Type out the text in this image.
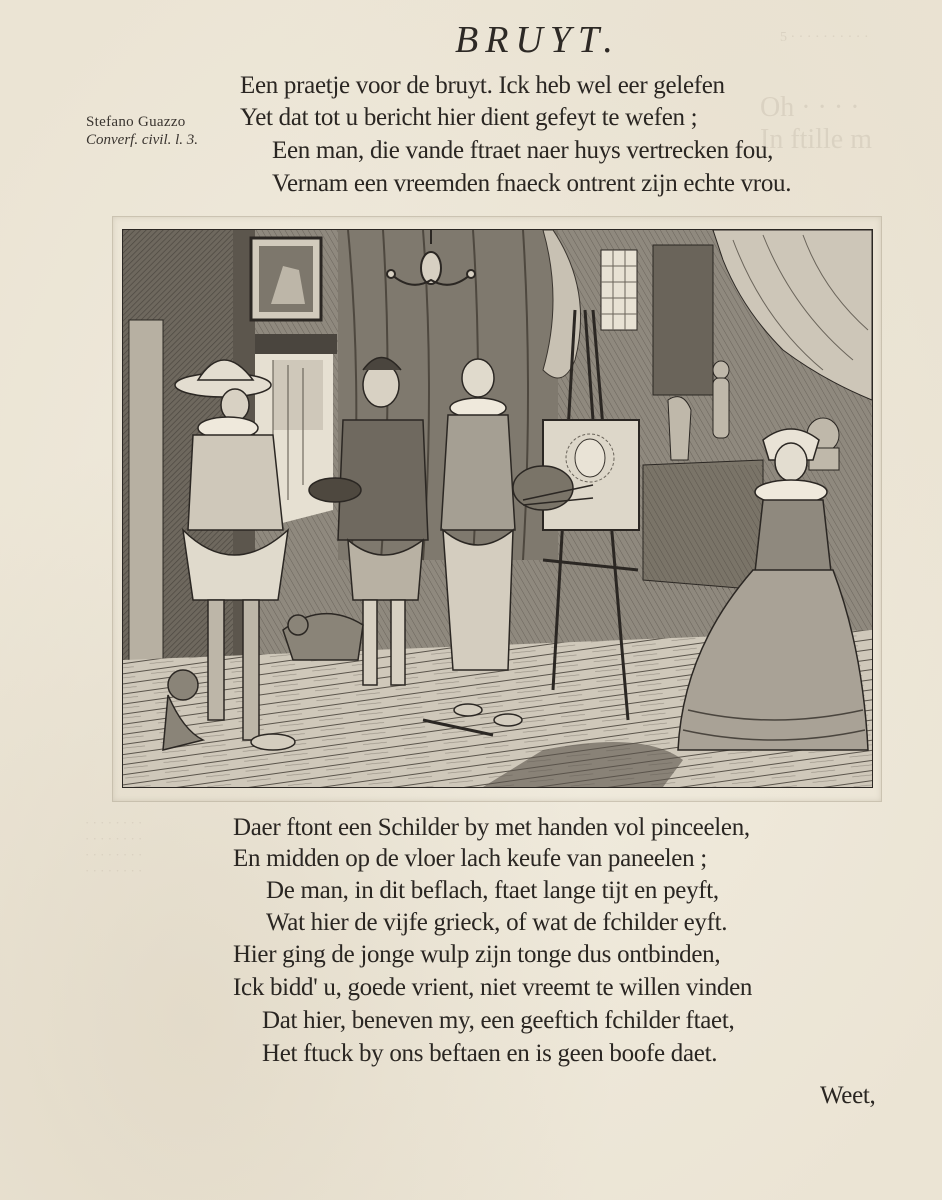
5 · · · · · · · · · ·
Oh · · · ·
In ftille m
· · · · · · · ·
· · · · · · · ·
· · · · · · · ·
· · · · · · · ·
BRUYT.
Stefano Guazzo
Converf. civil. l. 3.
Een praetje voor de bruyt. Ick heb wel eer gelefen
Yet dat tot u bericht hier dient gefeyt te wefen ;
Een man, die vande ftraet naer huys vertrecken fou,
Vernam een vreemden fnaeck ontrent zijn echte vrou.
Daer ftont een Schilder by met handen vol pinceelen,
En midden op de vloer lach keufe van paneelen ;
De man, in dit beflach, ftaet lange tijt en peyft,
Wat hier de vijfe grieck, of wat de fchilder eyft.
Hier ging de jonge wulp zijn tonge dus ontbinden,
Ick bidd' u, goede vrient, niet vreemt te willen vinden
Dat hier, beneven my, een geeftich fchilder ftaet,
Het ftuck by ons beftaen en is geen boofe daet.
Weet,
